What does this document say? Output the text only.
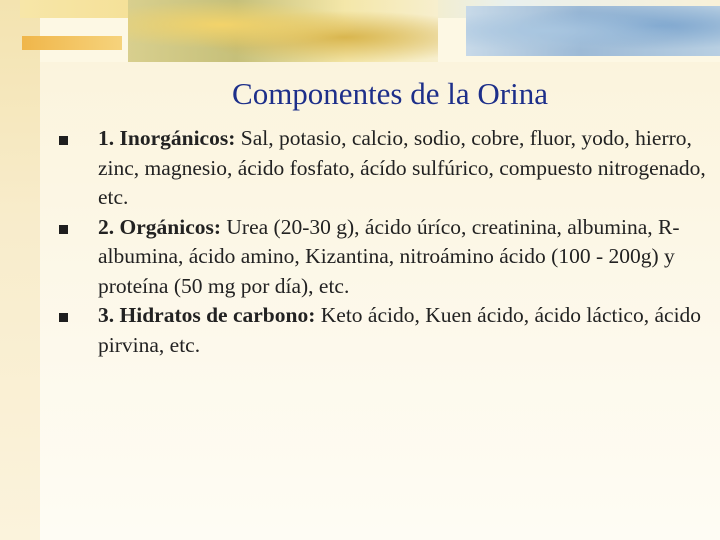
Componentes de la Orina
1. Inorgánicos: Sal, potasio, calcio, sodio, cobre, fluor, yodo, hierro, zinc, magnesio, ácido fosfato, ácído sulfúrico, compuesto nitrogenado, etc.
2. Orgánicos: Urea (20-30 g), ácido úríco, creatinina, albumina, R-albumina, ácido amino, Kizantina, nitroámino ácido (100 - 200g) y proteína (50 mg por día), etc.
3. Hidratos de carbono: Keto ácido, Kuen ácido, ácido láctico, ácido pirvina, etc.
